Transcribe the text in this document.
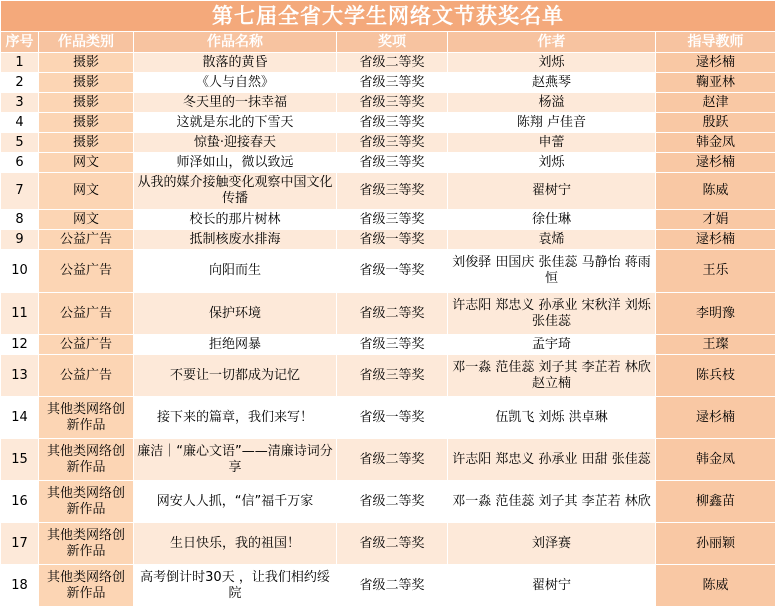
第七届全省大学生网络文节获奖名单					
序号	作品类别	作品名称	奖项	作者	指导教师
1	摄影	散落的黄昏	省级二等奖	刘烁	逯杉楠
2	摄影	《人与自然》	省级三等奖	赵燕琴	鞠亚林
3	摄影	冬天里的一抹幸福	省级三等奖	杨溢	赵津
4	摄影	这就是东北的下雪天	省级三等奖	陈翔 卢佳音	殷跃
5	摄影	惊蛰·迎接春天	省级三等奖	申蕾	韩金凤
6	网文	师泽如山，微以致远	省级三等奖	刘烁	逯杉楠
7	网文	从我的媒介接触变化观察中国文化传播	省级三等奖	翟树宁	陈威
8	网文	校长的那片树林	省级三等奖	徐仕琳	才娟
9	公益广告	抵制核废水排海	省级一等奖	袁烯	逯杉楠
10	公益广告	向阳而生	省级一等奖	刘俊驿 田国庆 张佳蕊 马静怡 蒋雨恒	王乐
11	公益广告	保护环境	省级二等奖	许志阳 郑忠义 孙承业 宋秋洋 刘烁 张佳蕊	李明豫
12	公益广告	拒绝网暴	省级三等奖	孟宇琦	王璨
13	公益广告	不要让一切都成为记忆	省级三等奖	邓一淼 范佳蕊 刘子其 李芷若 林欣 赵立楠	陈兵枝
14	其他类网络创新作品	接下来的篇章，我们来写！	省级一等奖	伍凯飞 刘烁 洪卓琳	逯杉楠
15	其他类网络创新作品	廉洁｜“廉心文语”——清廉诗词分享	省级二等奖	许志阳 郑忠义 孙承业 田甜 张佳蕊	韩金凤
16	其他类网络创新作品	网安人人抓，“信”福千万家	省级二等奖	邓一淼 范佳蕊 刘子其 李芷若 林欣	柳鑫苗
17	其他类网络创新作品	生日快乐，我的祖国！	省级二等奖	刘泽赛	孙丽颖
18	其他类网络创新作品	高考倒计时30天 ，让我们相约绥院	省级二等奖	翟树宁	陈威
